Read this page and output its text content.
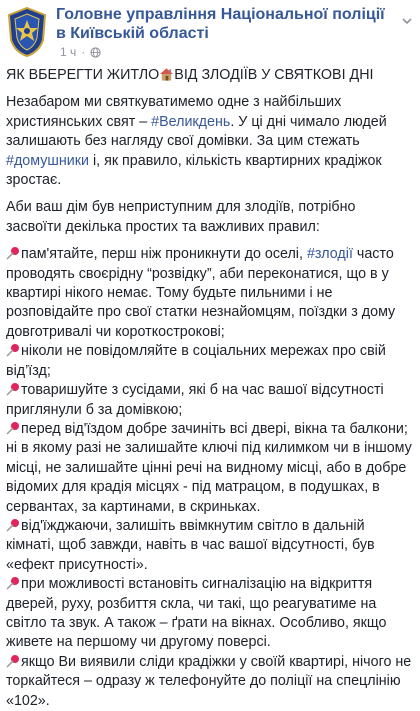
Головне управління Національної поліції в Київській області
1 ч ·

ЯК ВБЕРЕГТИ ЖИТЛО ВІД ЗЛОДІЇВ У СВЯТКОВІ ДНІ

Незабаром ми святкуватимемо одне з найбільших християнських свят – #Великдень. У ці дні чимало людей залишають без нагляду свої домівки. За цим стежать #домушники і, як правило, кількість квартирних крадіжок зростає.

Аби ваш дім був неприступним для злодіїв, потрібно засвоїти декілька простих та важливих правил:

пам'ятайте, перш ніж проникнути до оселі, #злодії часто проводять своєрідну “розвідку”, аби переконатися, що в у квартирі нікого немає. Тому будьте пильними і не розповідайте про свої статки незнайомцям, поїздки з дому довготривалі чи короткострокові;
ніколи не повідомляйте в соціальних мережах про свій від’їзд;
товаришуйте з сусідами, які б на час вашої відсутності приглянули б за домівкою;
перед від'їздом добре зачиніть всі двері, вікна та балкони; ні в якому разі не залишайте ключі під килимком чи в іншому місці, не залишайте цінні речі на видному місці, або в добре відомих для крадія місцях - під матрацом, в подушках, в сервантах, за картинами, в скриньках.
від'їжджаючи, залишіть ввімкнутим світло в дальній кімнаті, щоб завжди, навіть в час вашої відсутності, був «ефект присутності».
при можливості встановіть сигналізацію на відкриття дверей, руху, розбиття скла, чи такі, що реагуватиме на світло та звук. А також – ґрати на вікнах. Особливо, якщо живете на першому чи другому поверсі.
якщо Ви виявили сліди крадіжки у своїй квартирі, нічого не торкайтеся – одразу ж телефонуйте до поліції на спецлінію «102».
